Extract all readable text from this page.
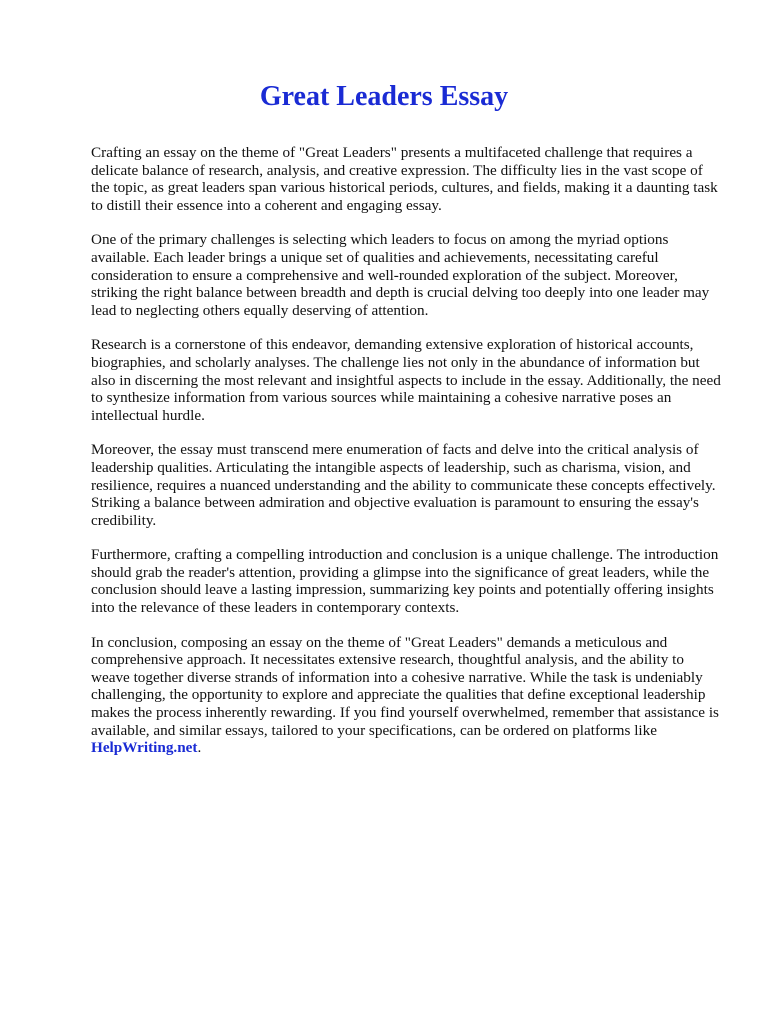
Great Leaders Essay

Crafting an essay on the theme of "Great Leaders" presents a multifaceted challenge that requires a delicate balance of research, analysis, and creative expression. The difficulty lies in the vast scope of the topic, as great leaders span various historical periods, cultures, and fields, making it a daunting task to distill their essence into a coherent and engaging essay.

One of the primary challenges is selecting which leaders to focus on among the myriad options available. Each leader brings a unique set of qualities and achievements, necessitating careful consideration to ensure a comprehensive and well-rounded exploration of the subject. Moreover, striking the right balance between breadth and depth is crucial delving too deeply into one leader may lead to neglecting others equally deserving of attention.

Research is a cornerstone of this endeavor, demanding extensive exploration of historical accounts, biographies, and scholarly analyses. The challenge lies not only in the abundance of information but also in discerning the most relevant and insightful aspects to include in the essay. Additionally, the need to synthesize information from various sources while maintaining a cohesive narrative poses an intellectual hurdle.

Moreover, the essay must transcend mere enumeration of facts and delve into the critical analysis of leadership qualities. Articulating the intangible aspects of leadership, such as charisma, vision, and resilience, requires a nuanced understanding and the ability to communicate these concepts effectively. Striking a balance between admiration and objective evaluation is paramount to ensuring the essay's credibility.

Furthermore, crafting a compelling introduction and conclusion is a unique challenge. The introduction should grab the reader's attention, providing a glimpse into the significance of great leaders, while the conclusion should leave a lasting impression, summarizing key points and potentially offering insights into the relevance of these leaders in contemporary contexts.

In conclusion, composing an essay on the theme of "Great Leaders" demands a meticulous and comprehensive approach. It necessitates extensive research, thoughtful analysis, and the ability to weave together diverse strands of information into a cohesive narrative. While the task is undeniably challenging, the opportunity to explore and appreciate the qualities that define exceptional leadership makes the process inherently rewarding. If you find yourself overwhelmed, remember that assistance is available, and similar essays, tailored to your specifications, can be ordered on platforms like HelpWriting.net.
